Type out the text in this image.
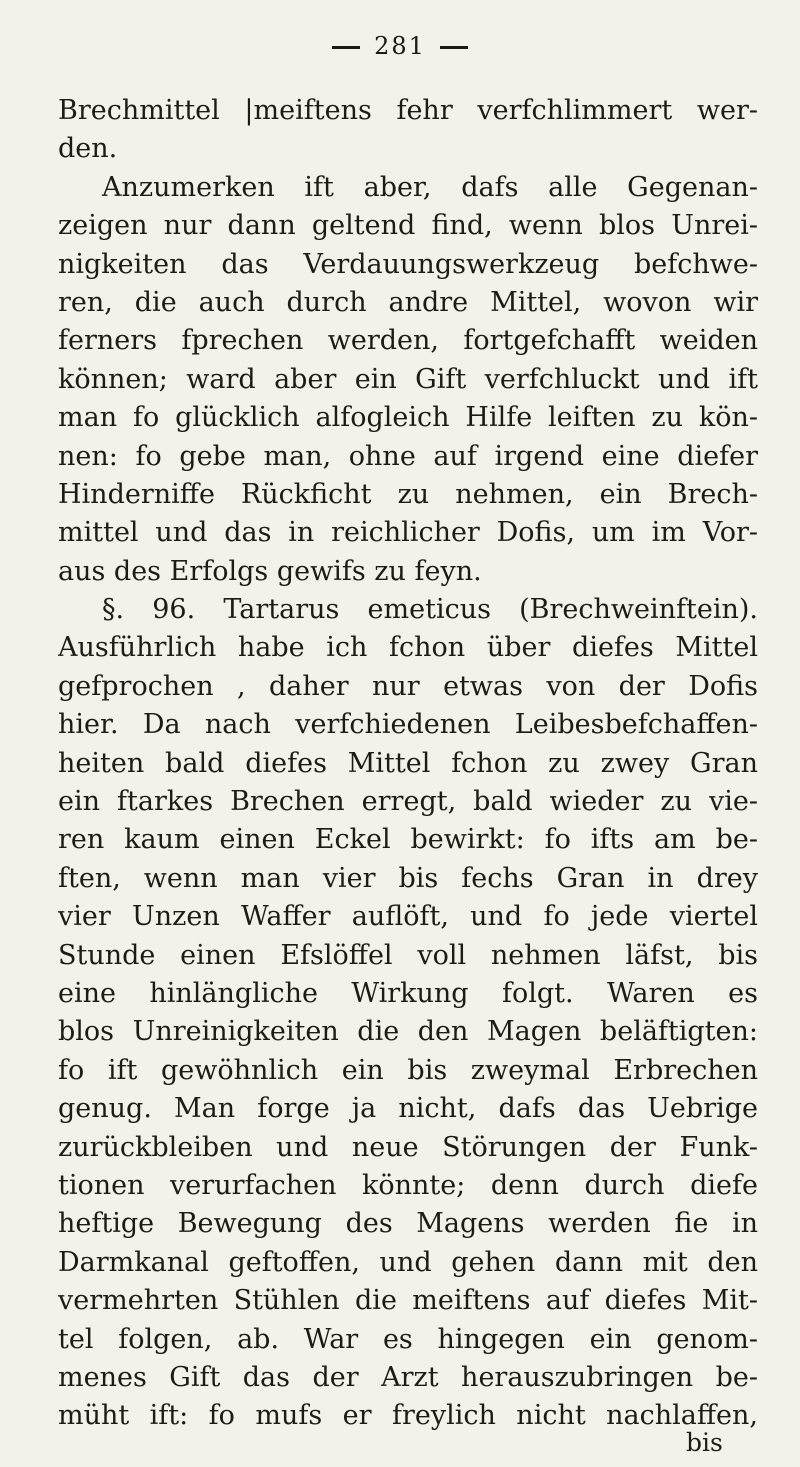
281
Brechmittel |meiftens fehr verfchlimmert wer-
den.
Anzumerken ift aber, dafs alle Gegenan-
zeigen nur dann geltend find, wenn blos Unrei-
nigkeiten das Verdauungswerkzeug befchwe-
ren, die auch durch andre Mittel, wovon wir
ferners fprechen werden, fortgefchafft weiden
können; ward aber ein Gift verfchluckt und ift
man fo glücklich alfogleich Hilfe leiften zu kön-
nen: fo gebe man, ohne auf irgend eine diefer
Hinderniffe Rückficht zu nehmen, ein Brech-
mittel und das in reichlicher Dofis, um im Vor-
aus des Erfolgs gewifs zu feyn.
§. 96. Tartarus emeticus (Brechweinftein).
Ausführlich habe ich fchon über diefes Mittel
gefprochen , daher nur etwas von der Dofis
hier. Da nach verfchiedenen Leibesbefchaffen-
heiten bald diefes Mittel fchon zu zwey Gran
ein ftarkes Brechen erregt, bald wieder zu vie-
ren kaum einen Eckel bewirkt: fo ifts am be-
ften, wenn man vier bis fechs Gran in drey
vier Unzen Waffer auflöft, und fo jede viertel
Stunde einen Efslöffel voll nehmen läfst, bis
eine hinlängliche Wirkung folgt. Waren es
blos Unreinigkeiten die den Magen beläftigten:
fo ift gewöhnlich ein bis zweymal Erbrechen
genug. Man forge ja nicht, dafs das Uebrige
zurückbleiben und neue Störungen der Funk-
tionen verurfachen könnte; denn durch diefe
heftige Bewegung des Magens werden fie in
Darmkanal geftoffen, und gehen dann mit den
vermehrten Stühlen die meiftens auf diefes Mit-
tel folgen, ab. War es hingegen ein genom-
menes Gift das der Arzt herauszubringen be-
müht ift: fo mufs er freylich nicht nachlaffen,
bis
